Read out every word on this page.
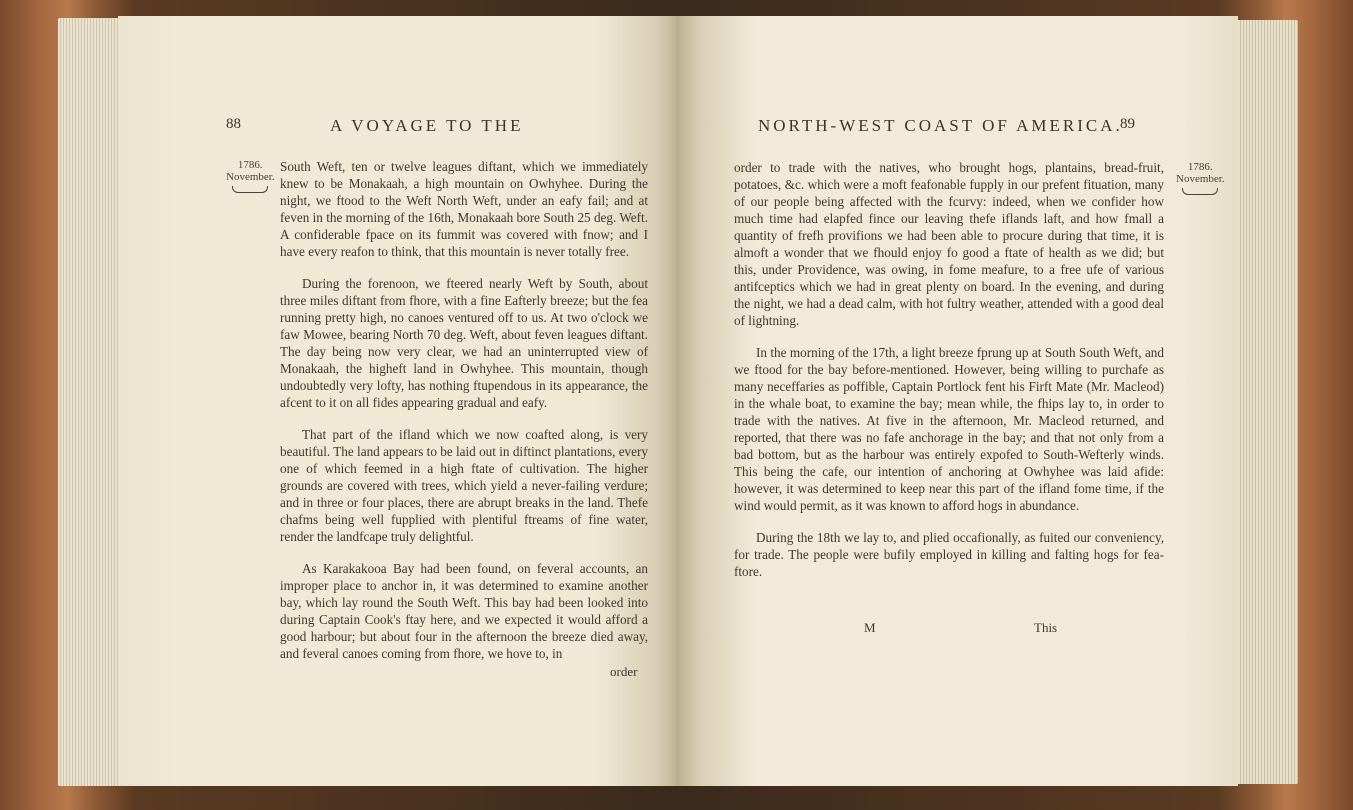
88	A VOYAGE TO THE
1786.
November.

South Weft, ten or twelve leagues diftant, which we immediately knew to be Monakaah, a high mountain on Owhyhee. During the night, we ftood to the Weft North Weft, under an eafy fail; and at feven in the morning of the 16th, Monakaah bore South 25 deg. Weft. A confiderable fpace on its fummit was covered with fnow; and I have every reafon to think, that this mountain is never totally free.

During the forenoon, we fteered nearly Weft by South, about three miles diftant from fhore, with a fine Eafterly breeze; but the fea running pretty high, no canoes ventured off to us. At two o'clock we faw Mowee, bearing North 70 deg. Weft, about feven leagues diftant. The day being now very clear, we had an uninterrupted view of Monakaah, the higheft land in Owhyhee. This mountain, though undoubtedly very lofty, has nothing ftupendous in its appearance, the afcent to it on all fides appearing gradual and eafy.

That part of the ifland which we now coafted along, is very beautiful. The land appears to be laid out in diftinct plantations, every one of which feemed in a high ftate of cultivation. The higher grounds are covered with trees, which yield a never-failing verdure; and in three or four places, there are abrupt breaks in the land. Thefe chafms being well fupplied with plentiful ftreams of fine water, render the landfcape truly delightful.

As Karakakooa Bay had been found, on feveral accounts, an improper place to anchor in, it was determined to examine another bay, which lay round the South Weft. This bay had been looked into during Captain Cook's ftay here, and we expected it would afford a good harbour; but about four in the afternoon the breeze died away, and feveral canoes coming from fhore, we hove to, in

order
NORTH-WEST COAST OF AMERICA.
89
1786.
November.

order to trade with the natives, who brought hogs, plantains, bread-fruit, potatoes, &c. which were a moft feafonable fupply in our prefent fituation, many of our people being affected with the fcurvy: indeed, when we confider how much time had elapfed fince our leaving thefe iflands laft, and how fmall a quantity of frefh provifions we had been able to procure during that time, it is almoft a wonder that we fhould enjoy fo good a ftate of health as we did; but this, under Providence, was owing, in fome meafure, to a free ufe of various antifceptics which we had in great plenty on board. In the evening, and during the night, we had a dead calm, with hot fultry weather, attended with a good deal of lightning.

In the morning of the 17th, a light breeze fprung up at South South Weft, and we ftood for the bay before-mentioned. However, being willing to purchafe as many neceffaries as poffible, Captain Portlock fent his Firft Mate (Mr. Macleod) in the whale boat, to examine the bay; mean while, the fhips lay to, in order to trade with the natives. At five in the afternoon, Mr. Macleod returned, and reported, that there was no fafe anchorage in the bay; and that not only from a bad bottom, but as the harbour was entirely expofed to South-Wefterly winds. This being the cafe, our intention of anchoring at Owhyhee was laid afide: however, it was determined to keep near this part of the ifland fome time, if the wind would permit, as it was known to afford hogs in abundance.

During the 18th we lay to, and plied occafionally, as fuited our conveniency, for trade. The people were bufily employed in killing and falting hogs for fea-ftore.

M	This
